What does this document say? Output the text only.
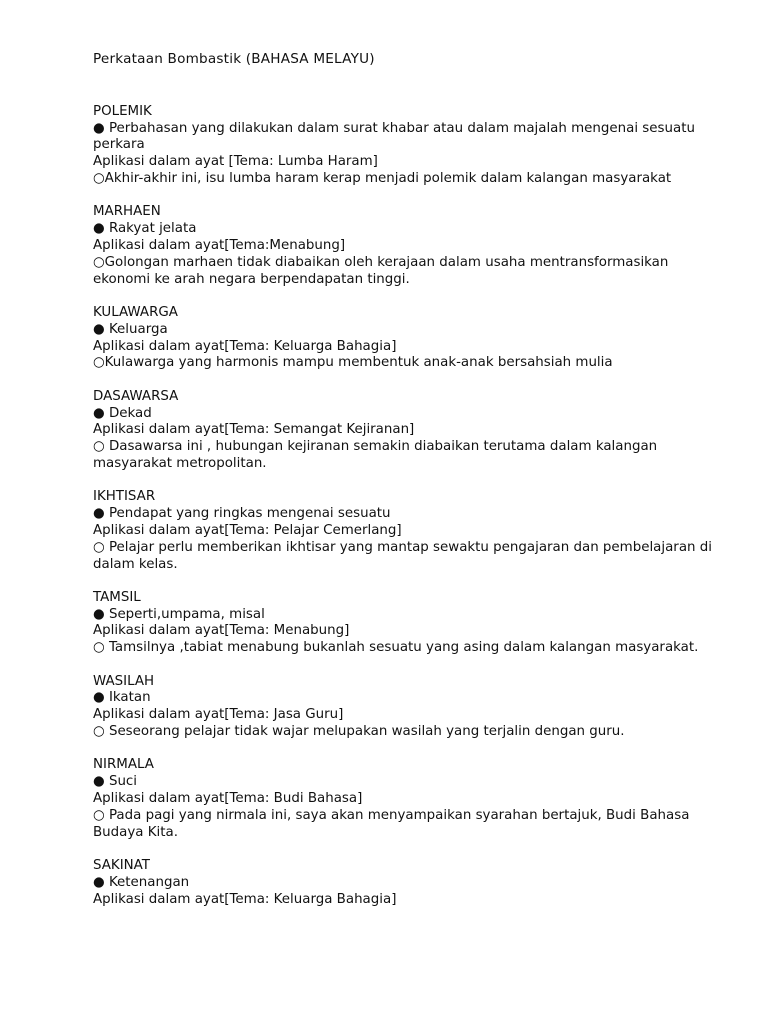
Perkataan Bombastik (BAHASA MELAYU)

POLEMIK

● Perbahasan yang dilakukan dalam surat khabar atau dalam majalah mengenai sesuatu perkara

Aplikasi dalam ayat [Tema: Lumba Haram]

○Akhir-akhir ini, isu lumba haram kerap menjadi polemik dalam kalangan masyarakat

MARHAEN

● Rakyat jelata

Aplikasi dalam ayat[Tema:Menabung]

○Golongan marhaen tidak diabaikan oleh kerajaan dalam usaha mentransformasikan ekonomi ke arah negara berpendapatan tinggi.

KULAWARGA

● Keluarga

Aplikasi dalam ayat[Tema: Keluarga Bahagia]

○Kulawarga yang harmonis mampu membentuk anak-anak bersahsiah mulia

DASAWARSA

● Dekad

Aplikasi dalam ayat[Tema: Semangat Kejiranan]

○ Dasawarsa ini , hubungan kejiranan semakin diabaikan terutama dalam kalangan masyarakat metropolitan.

IKHTISAR

● Pendapat yang ringkas mengenai sesuatu

Aplikasi dalam ayat[Tema: Pelajar Cemerlang]

○ Pelajar perlu memberikan ikhtisar yang mantap sewaktu pengajaran dan pembelajaran di dalam kelas.

TAMSIL

● Seperti,umpama, misal

Aplikasi dalam ayat[Tema: Menabung]

○ Tamsilnya ,tabiat menabung bukanlah sesuatu yang asing dalam kalangan masyarakat.

WASILAH

● Ikatan

Aplikasi dalam ayat[Tema: Jasa Guru]

○ Seseorang pelajar tidak wajar melupakan wasilah yang terjalin dengan guru.

NIRMALA

● Suci

Aplikasi dalam ayat[Tema: Budi Bahasa]

○ Pada pagi yang nirmala ini, saya akan menyampaikan syarahan bertajuk, Budi Bahasa Budaya Kita.

SAKINAT

● Ketenangan

Aplikasi dalam ayat[Tema: Keluarga Bahagia]
